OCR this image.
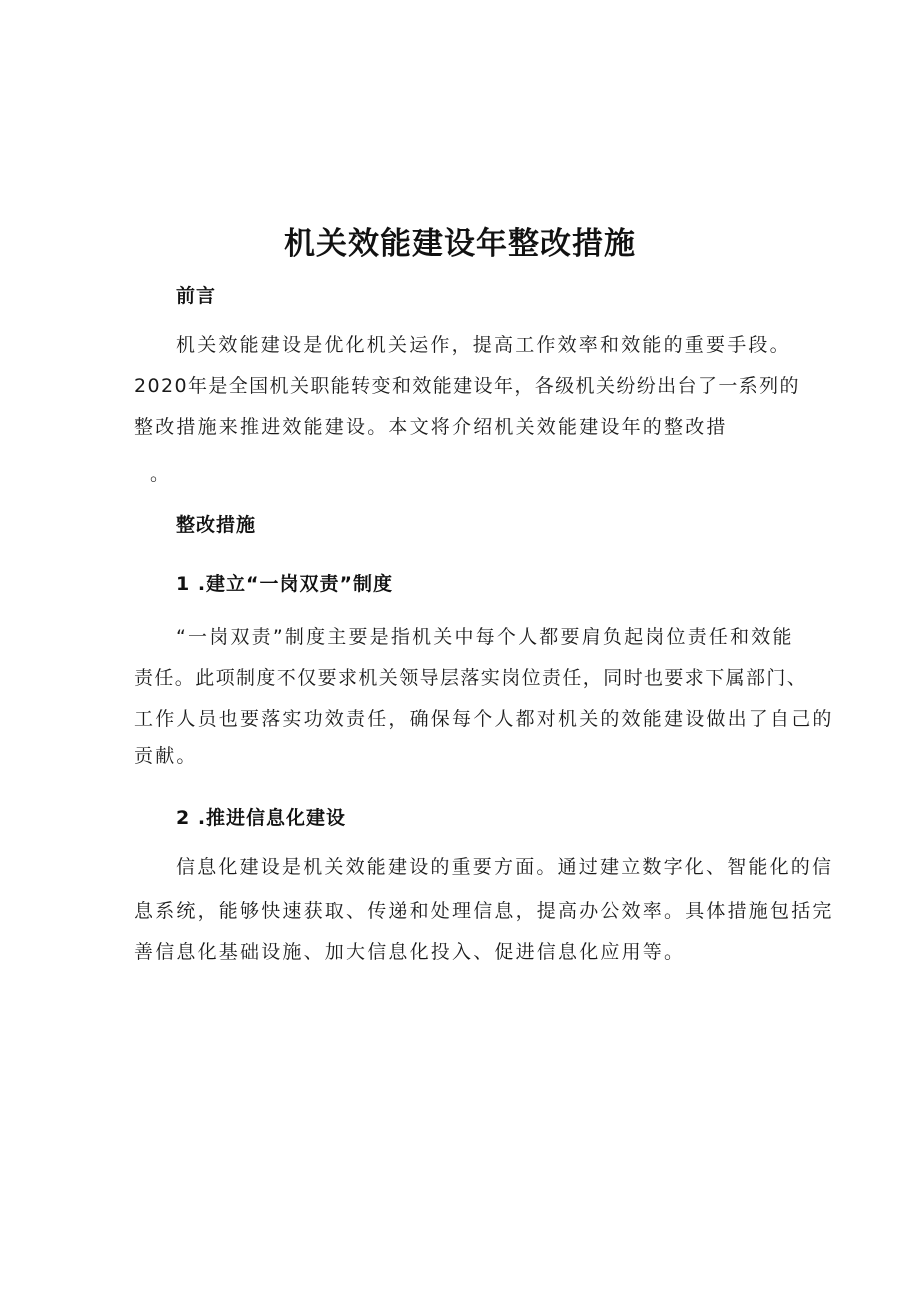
机关效能建设年整改措施
前言
机关效能建设是优化机关运作，提高工作效率和效能的重要手段。
2020年是全国机关职能转变和效能建设年，各级机关纷纷出台了一系列的
整改措施来推进效能建设。本文将介绍机关效能建设年的整改措
。
整改措施
1 .建立“一岗双责”制度
“一岗双责”制度主要是指机关中每个人都要肩负起岗位责任和效能
责任。此项制度不仅要求机关领导层落实岗位责任，同时也要求下属部门、
工作人员也要落实功效责任，确保每个人都对机关的效能建设做出了自己的
贡献。
2 .推进信息化建设
信息化建设是机关效能建设的重要方面。通过建立数字化、智能化的信
息系统，能够快速获取、传递和处理信息，提高办公效率。具体措施包括完
善信息化基础设施、加大信息化投入、促进信息化应用等。
